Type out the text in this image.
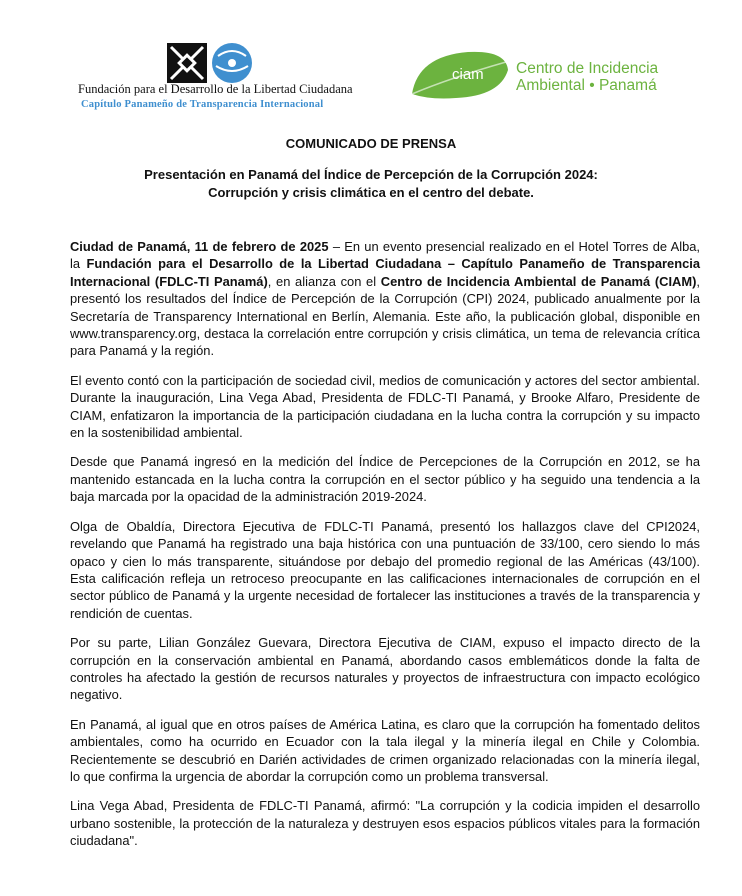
Fundación para el Desarrollo de la Libertad Ciudadana
Capítulo Panameño de Transparencia Internacional
ciam Centro de Incidencia
Ambiental • Panamá
COMUNICADO DE PRENSA
Presentación en Panamá del Índice de Percepción de la Corrupción 2024:
Corrupción y crisis climática en el centro del debate.

Ciudad de Panamá, 11 de febrero de 2025 – En un evento presencial realizado en el Hotel Torres de Alba, la Fundación para el Desarrollo de la Libertad Ciudadana – Capítulo Panameño de Transparencia Internacional (FDLC-TI Panamá), en alianza con el Centro de Incidencia Ambiental de Panamá (CIAM), presentó los resultados del Índice de Percepción de la Corrupción (CPI) 2024, publicado anualmente por la Secretaría de Transparency International en Berlín, Alemania. Este año, la publicación global, disponible en www.transparency.org, destaca la correlación entre corrupción y crisis climática, un tema de relevancia crítica para Panamá y la región.

El evento contó con la participación de sociedad civil, medios de comunicación y actores del sector ambiental. Durante la inauguración, Lina Vega Abad, Presidenta de FDLC-TI Panamá, y Brooke Alfaro, Presidente de CIAM, enfatizaron la importancia de la participación ciudadana en la lucha contra la corrupción y su impacto en la sostenibilidad ambiental.

Desde que Panamá ingresó en la medición del Índice de Percepciones de la Corrupción en 2012, se ha mantenido estancada en la lucha contra la corrupción en el sector público y ha seguido una tendencia a la baja marcada por la opacidad de la administración 2019-2024.

Olga de Obaldía, Directora Ejecutiva de FDLC-TI Panamá, presentó los hallazgos clave del CPI2024, revelando que Panamá ha registrado una baja histórica con una puntuación de 33/100, cero siendo lo más opaco y cien lo más transparente, situándose por debajo del promedio regional de las Américas (43/100). Esta calificación refleja un retroceso preocupante en las calificaciones internacionales de corrupción en el sector público de Panamá y la urgente necesidad de fortalecer las instituciones a través de la transparencia y rendición de cuentas.

Por su parte, Lilian González Guevara, Directora Ejecutiva de CIAM, expuso el impacto directo de la corrupción en la conservación ambiental en Panamá, abordando casos emblemáticos donde la falta de controles ha afectado la gestión de recursos naturales y proyectos de infraestructura con impacto ecológico negativo.

En Panamá, al igual que en otros países de América Latina, es claro que la corrupción ha fomentado delitos ambientales, como ha ocurrido en Ecuador con la tala ilegal y la minería ilegal en Chile y Colombia. Recientemente se descubrió en Darién actividades de crimen organizado relacionadas con la minería ilegal, lo que confirma la urgencia de abordar la corrupción como un problema transversal.

Lina Vega Abad, Presidenta de FDLC-TI Panamá, afirmó: "La corrupción y la codicia impiden el desarrollo urbano sostenible, la protección de la naturaleza y destruyen esos espacios públicos vitales para la formación ciudadana".
